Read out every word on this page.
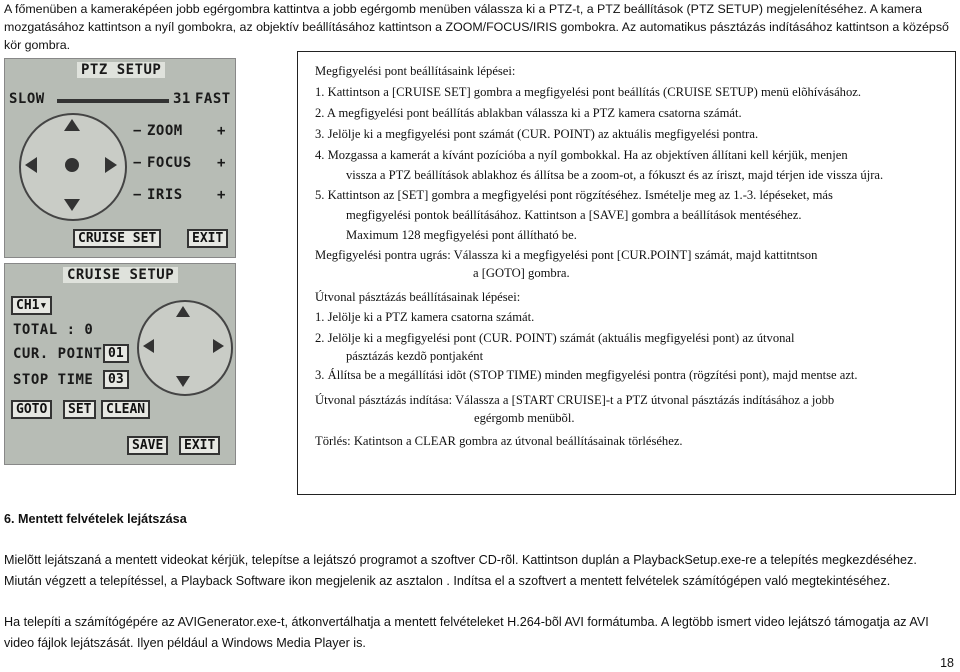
A főmenüben a kameraképéen jobb egérgombra kattintva a jobb egérgomb menüben válassza ki a PTZ-t, a PTZ beállítások (PTZ SETUP) megjelenítéséhez. A kamera mozgatásához kattintson a nyíl gombokra, az objektív beállításához kattintson a ZOOM/FOCUS/IRIS gombokra. Az automatikus pásztázás indításához kattintson a középső kör gombra.
PTZ SETUP
SLOW	31 FAST
− ZOOM +
− FOCUS +
− IRIS +
CRUISE SET	EXIT
CRUISE SETUP
CH1▾
TOTAL : 0
CUR. POINT 01
STOP TIME	03
GOTO	SET	CLEAN
SAVE	EXIT

Megfigyelési pont beállításaink lépései:

1. Kattintson a [CRUISE SET] gombra a megfigyelési pont beállítás (CRUISE SETUP) menü elõhívásához.

2. A megfigyelési pont beállítás ablakban válassza ki a PTZ kamera csatorna számát.

3. Jelölje ki a megfigyelési pont számát (CUR. POINT) az aktuális megfigyelési pontra.

4. Mozgassa a kamerát a kívánt pozícióba a nyíl gombokkal. Ha az objektíven állítani kell kérjük, menjen

vissza a PTZ beállítások ablakhoz és állítsa be a zoom-ot, a fókuszt és az íriszt, majd térjen ide vissza újra.

5. Kattintson az [SET] gombra a megfigyelési pont rögzítéséhez. Ismételje meg az 1.-3. lépéseket, más

megfigyelési pontok beállításához. Kattintson a [SAVE] gombra a beállítások mentéséhez.

Maximum 128 megfigyelési pont állítható be.

Megfigyelési pontra ugrás: Válassza ki a megfigyelési pont [CUR.POINT] számát, majd kattitntson

a [GOTO] gombra.

Útvonal pásztázás beállításainak lépései:

1. Jelölje ki a PTZ kamera csatorna számát.

2. Jelölje ki a megfigyelési pont (CUR. POINT) számát (aktuális megfigyelési pont) az útvonal

pásztázás kezdõ pontjaként

3. Állítsa be a megállítási idõt (STOP TIME) minden megfigyelési pontra (rögzítési pont), majd mentse azt.

Útvonal pásztázás indítása: Válassza a [START CRUISE]-t a PTZ útvonal pásztázás indításához a jobb

egérgomb menübõl.

Törlés: Katintson a CLEAR gombra az útvonal beállításainak törléséhez.

6. Mentett felvételek lejátszása
Mielõtt lejátszaná a mentett videokat kérjük, telepítse a lejátszó programot a szoftver CD-rõl. Kattintson duplán a PlaybackSetup.exe-re a telepítés megkezdéséhez. Miután végzett a telepítéssel, a Playback Software ikon megjelenik az asztalon . Indítsa el a szoftvert a mentett felvételek számítógépen való megtekintéséhez.
Ha telepíti a számítógépére az AVIGenerator.exe-t, átkonvertálhatja a mentett felvételeket H.264-bõl AVI formátumba. A legtöbb ismert video lejátszó támogatja az AVI video fájlok lejátszását. Ilyen például a Windows Media Player is.
18
